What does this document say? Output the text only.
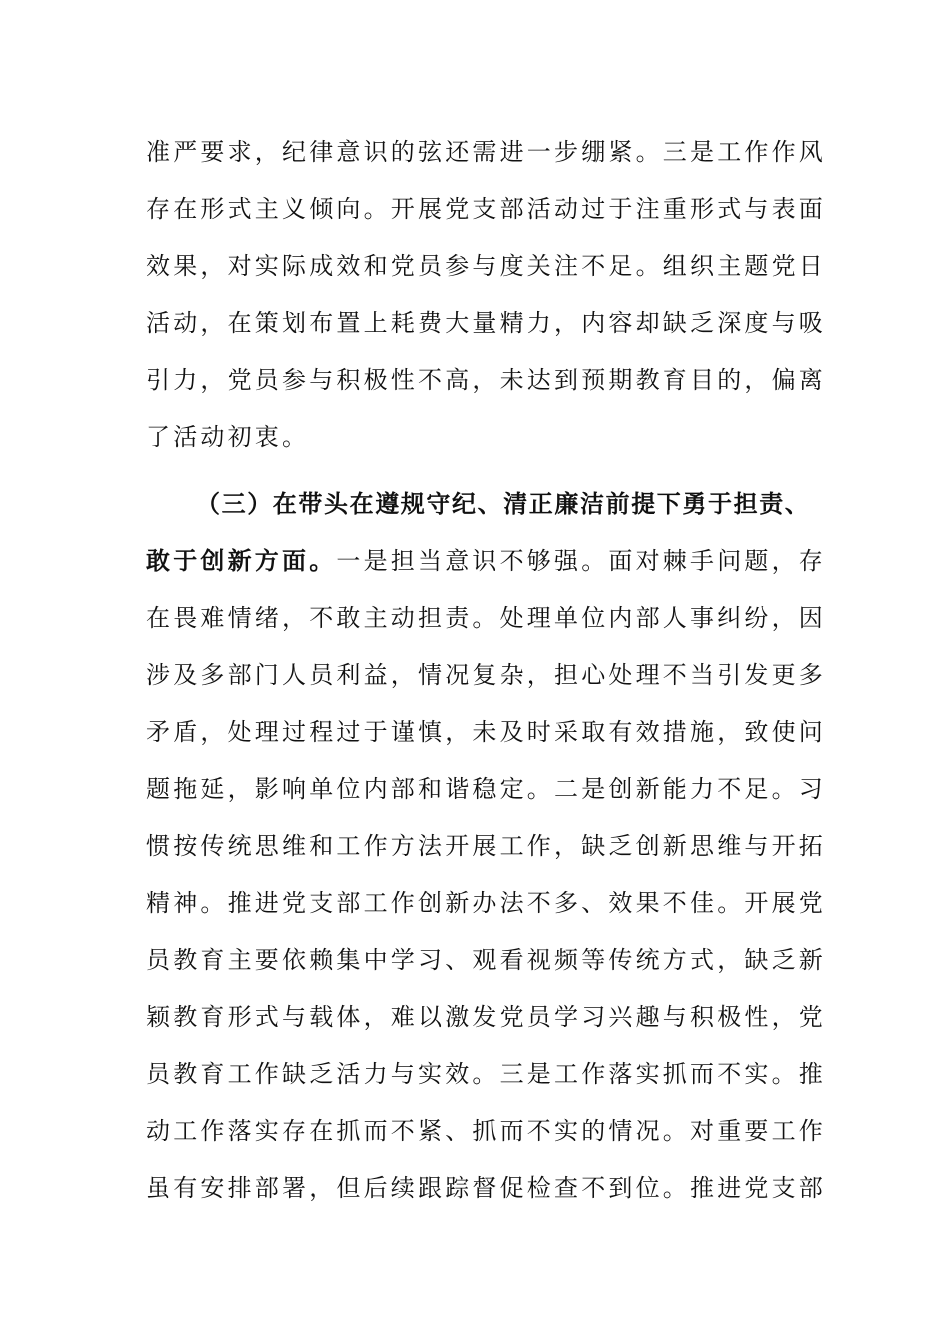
准严要求，纪律意识的弦还需进一步绷紧。三是工作作风
存在形式主义倾向。开展党支部活动过于注重形式与表面
效果，对实际成效和党员参与度关注不足。组织主题党日
活动，在策划布置上耗费大量精力，内容却缺乏深度与吸
引力，党员参与积极性不高，未达到预期教育目的，偏离
了活动初衷。
（三）在带头在遵规守纪、清正廉洁前提下勇于担责、
敢于创新方面。一是担当意识不够强。面对棘手问题，存
在畏难情绪，不敢主动担责。处理单位内部人事纠纷，因
涉及多部门人员利益，情况复杂，担心处理不当引发更多
矛盾，处理过程过于谨慎，未及时采取有效措施，致使问
题拖延，影响单位内部和谐稳定。二是创新能力不足。习
惯按传统思维和工作方法开展工作，缺乏创新思维与开拓
精神。推进党支部工作创新办法不多、效果不佳。开展党
员教育主要依赖集中学习、观看视频等传统方式，缺乏新
颖教育形式与载体，难以激发党员学习兴趣与积极性，党
员教育工作缺乏活力与实效。三是工作落实抓而不实。推
动工作落实存在抓而不紧、抓而不实的情况。对重要工作
虽有安排部署，但后续跟踪督促检查不到位。推进党支部
